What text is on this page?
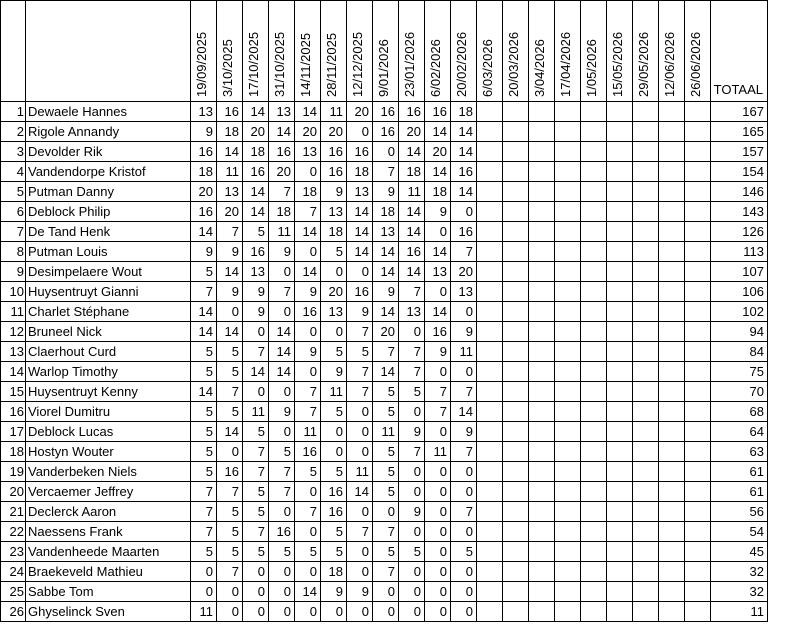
		19/09/2025	3/10/2025	17/10/2025	31/10/2025	14/11/2025	28/11/2025	12/12/2025	9/01/2026	23/01/2026	6/02/2026	20/02/2026	6/03/2026	20/03/2026	3/04/2026	17/04/2026	1/05/2026	15/05/2026	29/05/2026	12/06/2026	26/06/2026	TOTAAL
1	Dewaele Hannes	13	16	14	13	14	11	20	16	16	16	18										167
2	Rigole Annandy	9	18	20	14	20	20	0	16	20	14	14										165
3	Devolder Rik	16	14	18	16	13	16	16	0	14	20	14										157
4	Vandendorpe Kristof	18	11	16	20	0	16	18	7	18	14	16										154
5	Putman Danny	20	13	14	7	18	9	13	9	11	18	14										146
6	Deblock Philip	16	20	14	18	7	13	14	18	14	9	0										143
7	De Tand Henk	14	7	5	11	14	18	14	13	14	0	16										126
8	Putman Louis	9	9	16	9	0	5	14	14	16	14	7										113
9	Desimpelaere Wout	5	14	13	0	14	0	0	14	14	13	20										107
10	Huysentruyt Gianni	7	9	9	7	9	20	16	9	7	0	13										106
11	Charlet Stéphane	14	0	9	0	16	13	9	14	13	14	0										102
12	Bruneel Nick	14	14	0	14	0	0	7	20	0	16	9										94
13	Claerhout Curd	5	5	7	14	9	5	5	7	7	9	11										84
14	Warlop Timothy	5	5	14	14	0	9	7	14	7	0	0										75
15	Huysentruyt Kenny	14	7	0	0	7	11	7	5	5	7	7										70
16	Viorel Dumitru	5	5	11	9	7	5	0	5	0	7	14										68
17	Deblock Lucas	5	14	5	0	11	0	0	11	9	0	9										64
18	Hostyn Wouter	5	0	7	5	16	0	0	5	7	11	7										63
19	Vanderbeken Niels	5	16	7	7	5	5	11	5	0	0	0										61
20	Vercaemer Jeffrey	7	7	5	7	0	16	14	5	0	0	0										61
21	Declerck Aaron	7	5	5	0	7	16	0	0	9	0	7										56
22	Naessens Frank	7	5	7	16	0	5	7	7	0	0	0										54
23	Vandenheede Maarten	5	5	5	5	5	5	0	5	5	0	5										45
24	Braekeveld Mathieu	0	7	0	0	0	18	0	7	0	0	0										32
25	Sabbe Tom	0	0	0	0	14	9	9	0	0	0	0										32
26	Ghyselinck Sven	11	0	0	0	0	0	0	0	0	0	0										11
